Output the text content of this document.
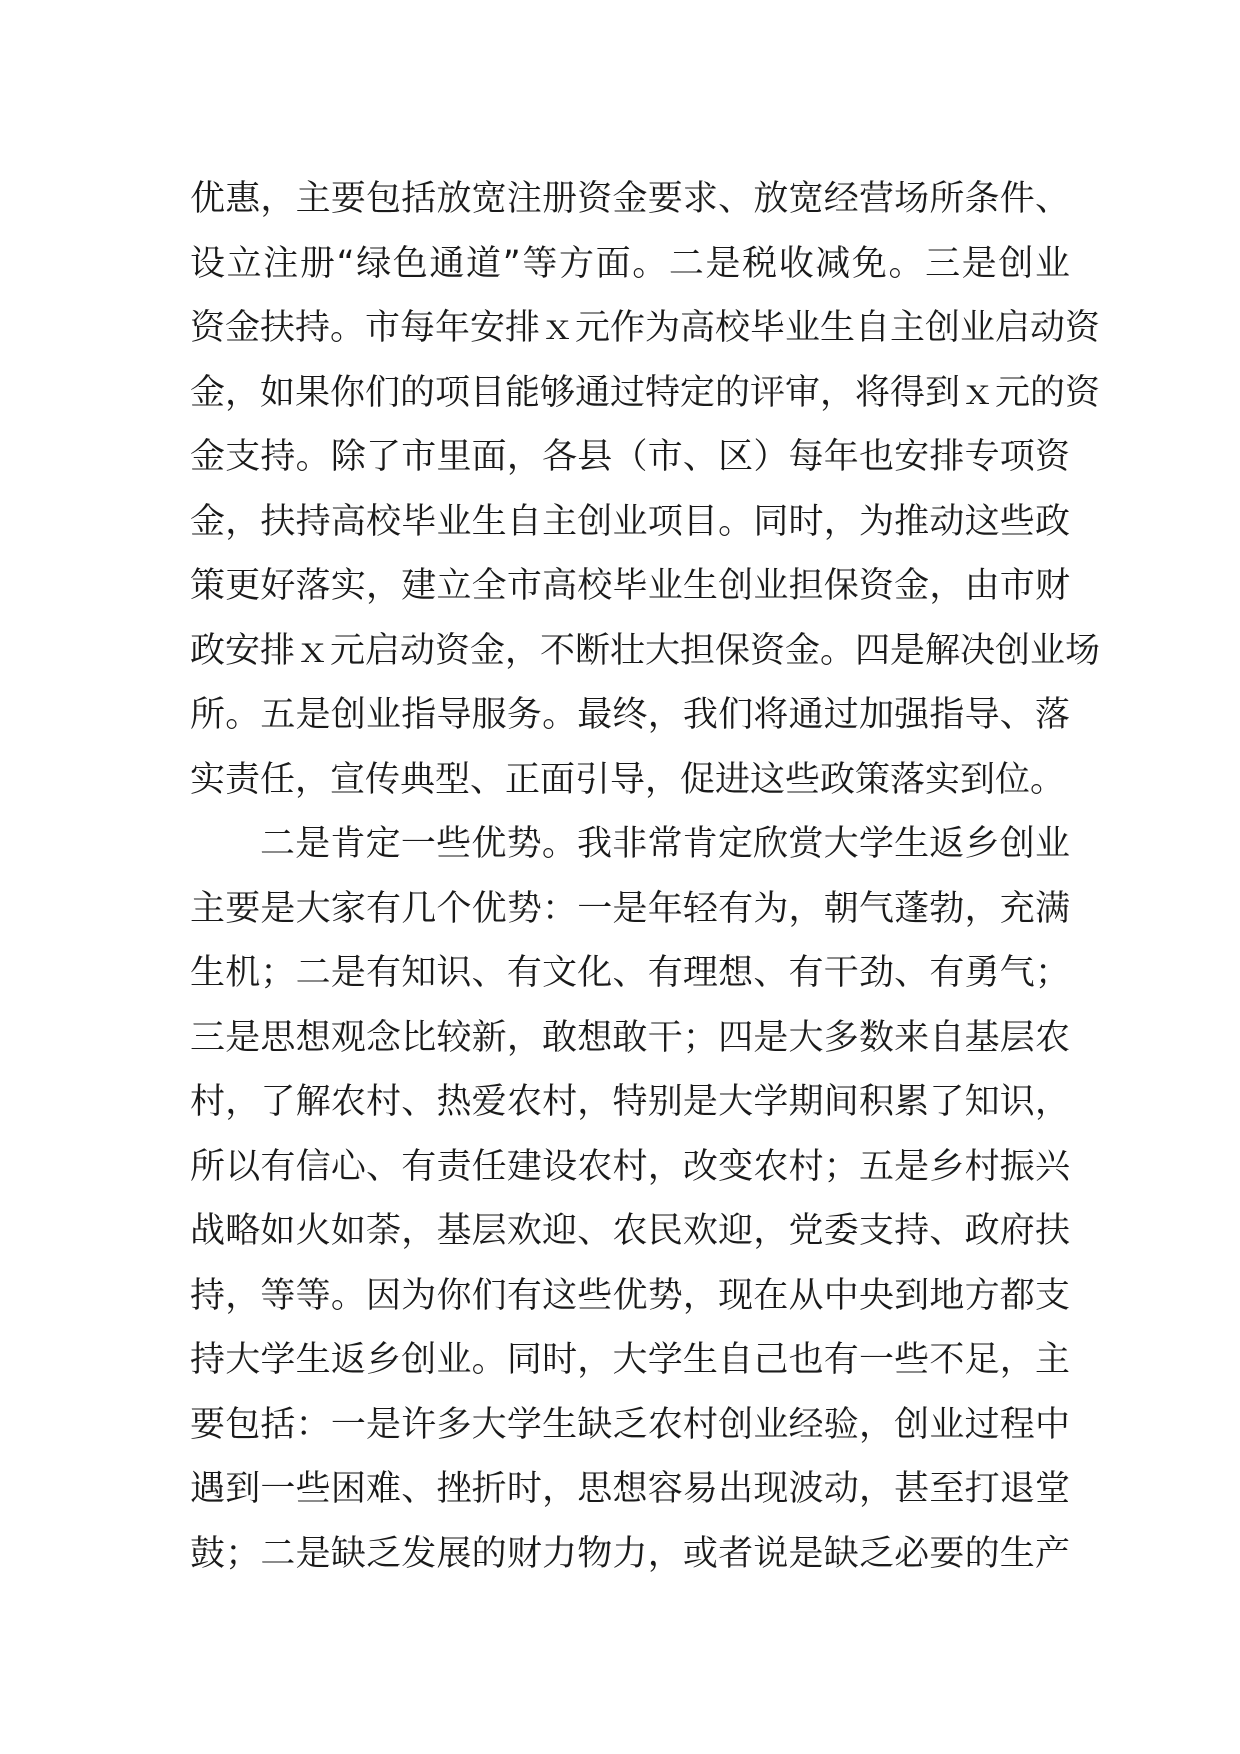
优惠，主要包括放宽注册资金要求、放宽经营场所条件、
设立注册“绿色通道”等方面。二是税收减免。三是创业
资金扶持。市每年安排ｘ元作为高校毕业生自主创业启动资
金，如果你们的项目能够通过特定的评审，将得到ｘ元的资
金支持。除了市里面，各县（市、区）每年也安排专项资
金，扶持高校毕业生自主创业项目。同时，为推动这些政
策更好落实，建立全市高校毕业生创业担保资金，由市财
政安排ｘ元启动资金，不断壮大担保资金。四是解决创业场
所。五是创业指导服务。最终，我们将通过加强指导、落
实责任，宣传典型、正面引导，促进这些政策落实到位。
二是肯定一些优势。我非常肯定欣赏大学生返乡创业
主要是大家有几个优势：一是年轻有为，朝气蓬勃，充满
生机；二是有知识、有文化、有理想、有干劲、有勇气；
三是思想观念比较新，敢想敢干；四是大多数来自基层农
村，了解农村、热爱农村，特别是大学期间积累了知识，
所以有信心、有责任建设农村，改变农村；五是乡村振兴
战略如火如荼，基层欢迎、农民欢迎，党委支持、政府扶
持，等等。因为你们有这些优势，现在从中央到地方都支
持大学生返乡创业。同时，大学生自己也有一些不足，主
要包括：一是许多大学生缺乏农村创业经验，创业过程中
遇到一些困难、挫折时，思想容易出现波动，甚至打退堂
鼓；二是缺乏发展的财力物力，或者说是缺乏必要的生产
